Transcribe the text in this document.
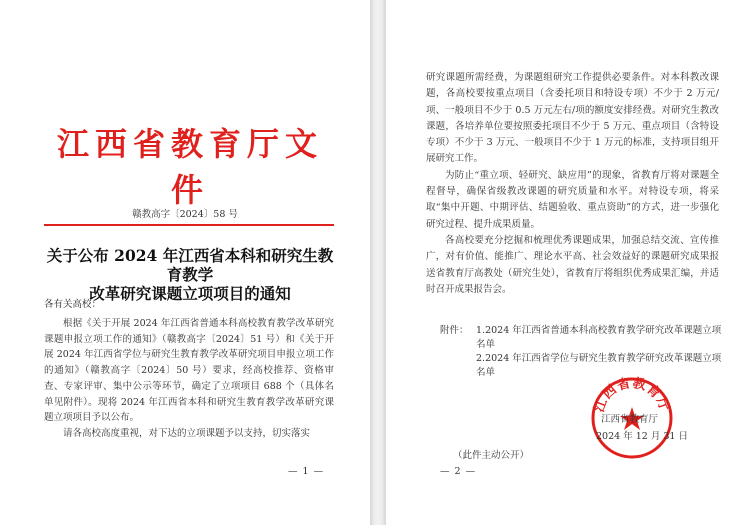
江西省教育厅文件
赣教高字〔2024〕58 号
关于公布 2024 年江西省本科和研究生教育教学
改革研究课题立项项目的通知
各有关高校：

根据《关于开展 2024 年江西省普通本科高校教育教学改革研究课题申报立项工作的通知》（赣教高字〔2024〕51 号）和《关于开展 2024 年江西省学位与研究生教育教学改革研究项目申报立项工作的通知》（赣教高字〔2024〕50 号）要求，经高校推荐、资格审查、专家评审、集中公示等环节，确定了立项项目 688 个（具体名单见附件）。现将 2024 年江西省本科和研究生教育教学改革研究课题立项项目予以公布。

请各高校高度重视，对下达的立项课题予以支持，切实落实

— 1 —

研究课题所需经费，为课题组研究工作提供必要条件。对本科教改课题，各高校要按重点项目（含委托项目和特设专项）不少于 2 万元/项、一般项目不少于 0.5 万元左右/项的额度安排经费。对研究生教改课题，各培养单位要按照委托项目不少于 5 万元、重点项目（含特设专项）不少于 3 万元、一般项目不少于 1 万元的标准，支持项目组开展研究工作。

为防止“重立项、轻研究、缺应用”的现象，省教育厅将对课题全程督导，确保省级教改课题的研究质量和水平。对特设专项，将采取“集中开题、中期评估、结题验收、重点资助”的方式，进一步强化研究过程、提升成果质量。

各高校要充分挖掘和梳理优秀课题成果，加强总结交流、宣传推广，对有价值、能推广、理论水平高、社会效益好的课题研究成果报送省教育厅高教处（研究生处），省教育厅将组织优秀成果汇编，并适时召开成果报告会。

附件： 1.2024 年江西省普通本科高校教育教学研究改革课题立项名单
2.2024 年江西省学位与研究生教育教学研究改革课题立项名单
江西省教育厅
江西省教育厅
2024 年 12 月 31 日
（此件主动公开）
— 2 —
